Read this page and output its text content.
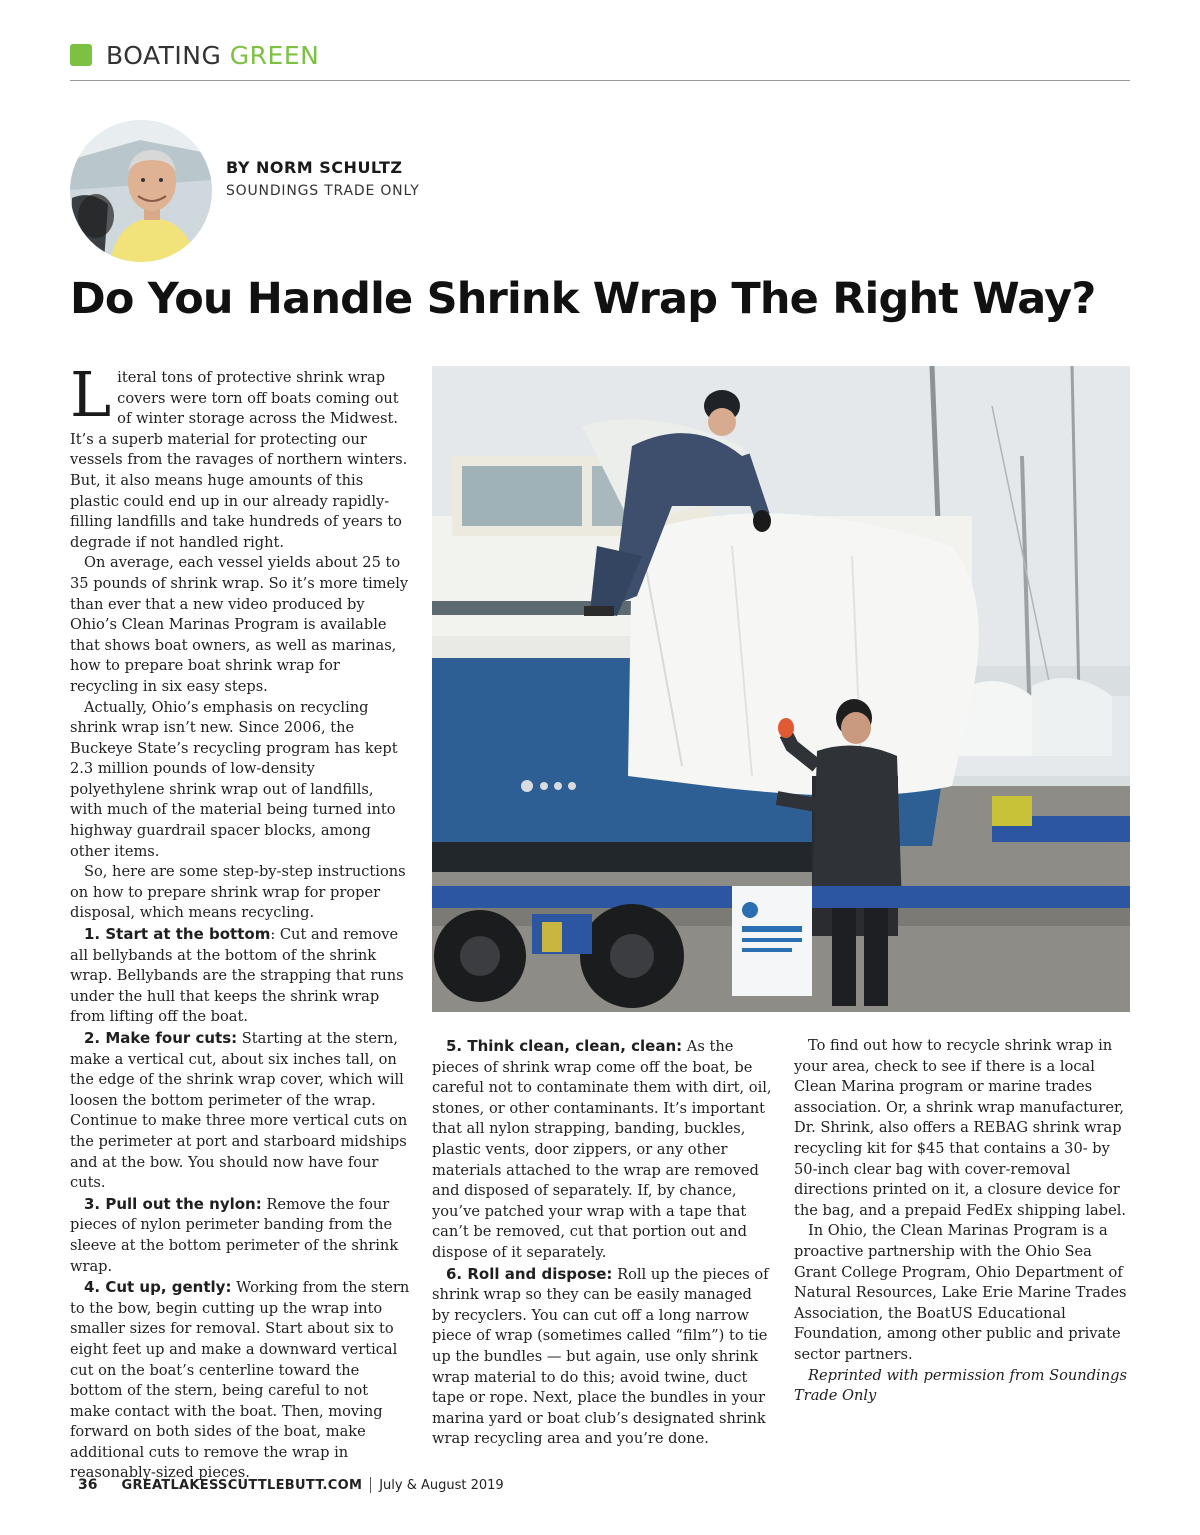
BOATING GREEN
BY NORM SCHULTZ
SOUNDINGS TRADE ONLY
Do You Handle Shrink Wrap The Right Way?

Literal tons of protective shrink wrap covers were torn off boats coming out of winter storage across the Midwest. It’s a superb material for protecting our vessels from the ravages of northern winters. But, it also means huge amounts of this plastic could end up in our already rapidly-filling landfills and take hundreds of years to degrade if not handled right.

On average, each vessel yields about 25 to 35 pounds of shrink wrap. So it’s more timely than ever that a new video produced by Ohio’s Clean Marinas Program is available that shows boat owners, as well as marinas, how to prepare boat shrink wrap for recycling in six easy steps.

Actually, Ohio’s emphasis on recycling shrink wrap isn’t new. Since 2006, the Buckeye State’s recycling program has kept 2.3 million pounds of low-density polyethylene shrink wrap out of landfills, with much of the material being turned into highway guardrail spacer blocks, among other items.

So, here are some step-by-step instructions on how to prepare shrink wrap for proper disposal, which means recycling.

1. Start at the bottom: Cut and remove all bellybands at the bottom of the shrink wrap. Bellybands are the strapping that runs under the hull that keeps the shrink wrap from lifting off the boat.

2. Make four cuts: Starting at the stern, make a vertical cut, about six inches tall, on the edge of the shrink wrap cover, which will loosen the bottom perimeter of the wrap. Continue to make three more vertical cuts on the perimeter at port and starboard midships and at the bow. You should now have four cuts.

3. Pull out the nylon: Remove the four pieces of nylon perimeter banding from the sleeve at the bottom perimeter of the shrink wrap.

4. Cut up, gently: Working from the stern to the bow, begin cutting up the wrap into smaller sizes for removal. Start about six to eight feet up and make a downward vertical cut on the boat’s centerline toward the bottom of the stern, being careful to not make contact with the boat. Then, moving forward on both sides of the boat, make additional cuts to remove the wrap in reasonably-sized pieces.

5. Think clean, clean, clean: As the pieces of shrink wrap come off the boat, be careful not to contaminate them with dirt, oil, stones, or other contaminants. It’s important that all nylon strapping, banding, buckles, plastic vents, door zippers, or any other materials attached to the wrap are removed and disposed of separately. If, by chance, you’ve patched your wrap with a tape that can’t be removed, cut that portion out and dispose of it separately.

6. Roll and dispose: Roll up the pieces of shrink wrap so they can be easily managed by recyclers. You can cut off a long narrow piece of wrap (sometimes called “film”) to tie up the bundles — but again, use only shrink wrap material to do this; avoid twine, duct tape or rope. Next, place the bundles in your marina yard or boat club’s designated shrink wrap recycling area and you’re done.

To find out how to recycle shrink wrap in your area, check to see if there is a local Clean Marina program or marine trades association. Or, a shrink wrap manufacturer, Dr. Shrink, also offers a REBAG shrink wrap recycling kit for $45 that contains a 30- by 50-inch clear bag with cover-removal directions printed on it, a closure device for the bag, and a prepaid FedEx shipping label.

In Ohio, the Clean Marinas Program is a proactive partnership with the Ohio Sea Grant College Program, Ohio Department of Natural Resources, Lake Erie Marine Trades Association, the BoatUS Educational Foundation, among other public and private sector partners.

Reprinted with permission from Soundings Trade Only

36 GREATLAKESSCUTTLEBUTT.COM July & August 2019
